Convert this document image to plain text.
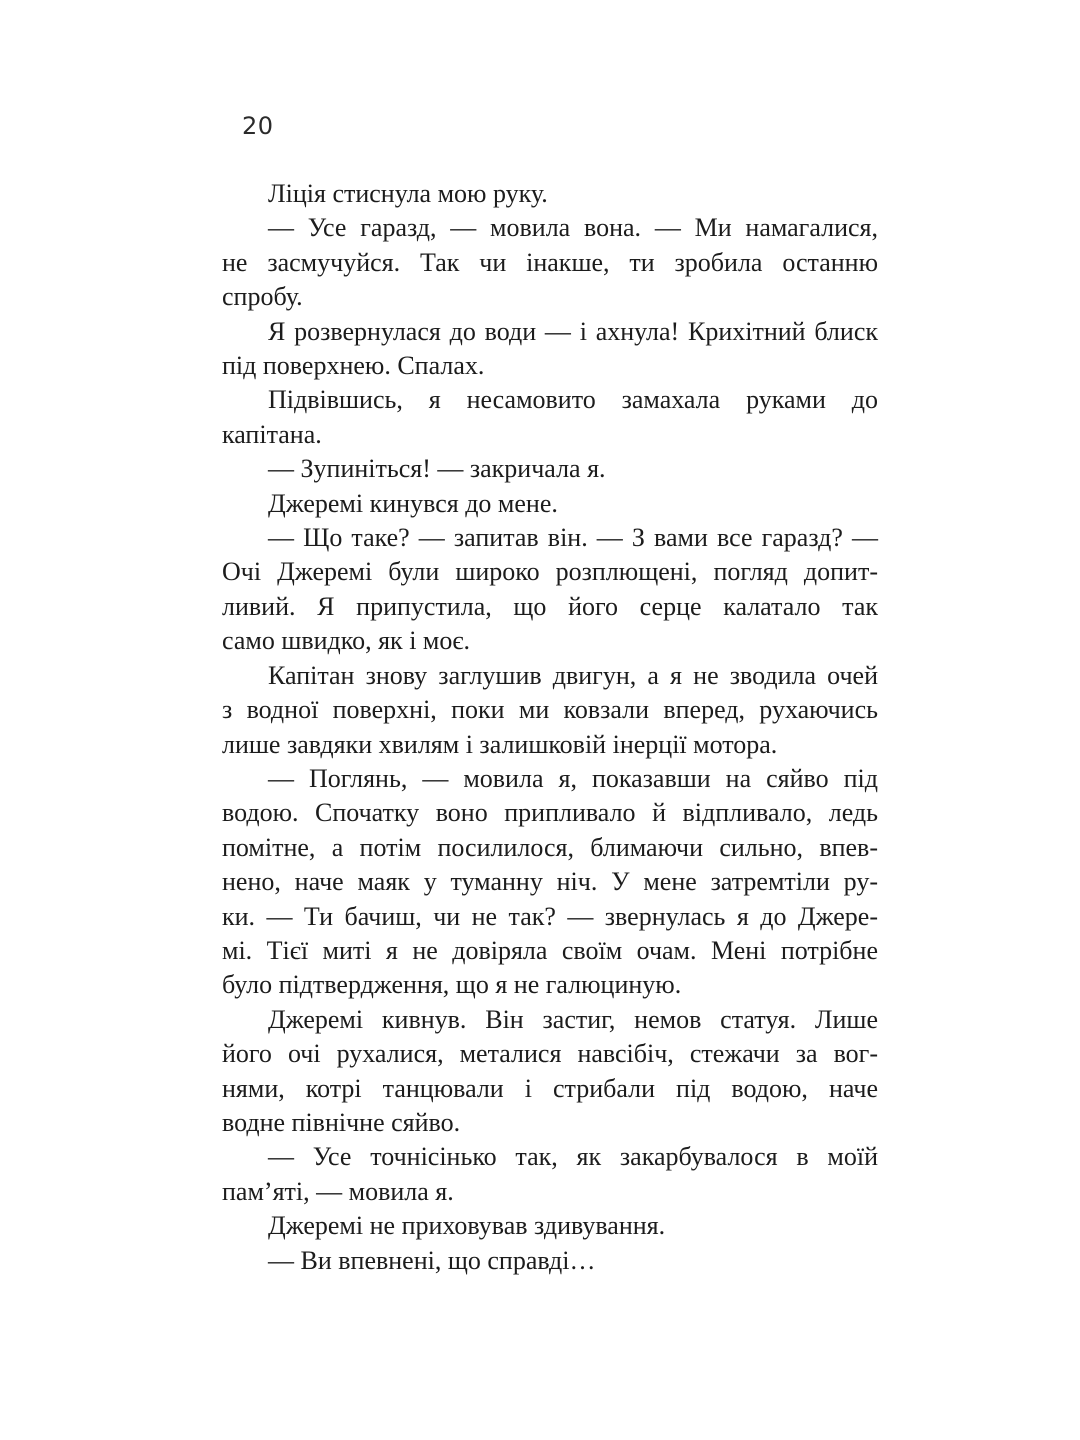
20
Ліція стиснула мою руку.
— Усе гаразд, — мовила вона. — Ми намагалися,
не засмучуйся. Так чи інакше, ти зробила останню
спробу.
Я розвернулася до води — і ахнула! Крихітний блиск
під поверхнею. Спалах.
Підвівшись, я несамовито замахала руками до
капітана.
— Зупиніться! — закричала я.
Джеремі кинувся до мене.
— Що таке? — запитав він. — З вами все гаразд? —
Очі Джеремі були широко розплющені, погляд допит-
ливий. Я припустила, що його серце калатало так
само швидко, як і моє.
Капітан знову заглушив двигун, а я не зводила очей
з водної поверхні, поки ми ковзали вперед, рухаючись
лише завдяки хвилям і залишковій інерції мотора.
— Поглянь, — мовила я, показавши на сяйво під
водою. Спочатку воно припливало й відпливало, ледь
помітне, а потім посилилося, блимаючи сильно, впев-
нено, наче маяк у туманну ніч. У мене затремтіли ру-
ки. — Ти бачиш, чи не так? — звернулась я до Джере-
мі. Тієї миті я не довіряла своїм очам. Мені потрібне
було підтвердження, що я не галюциную.
Джеремі кивнув. Він застиг, немов статуя. Лише
його очі рухалися, металися навсібіч, стежачи за вог-
нями, котрі танцювали і стрибали під водою, наче
водне північне сяйво.
— Усе точнісінько так, як закарбувалося в моїй
пам’яті, — мовила я.
Джеремі не приховував здивування.
— Ви впевнені, що справді…
